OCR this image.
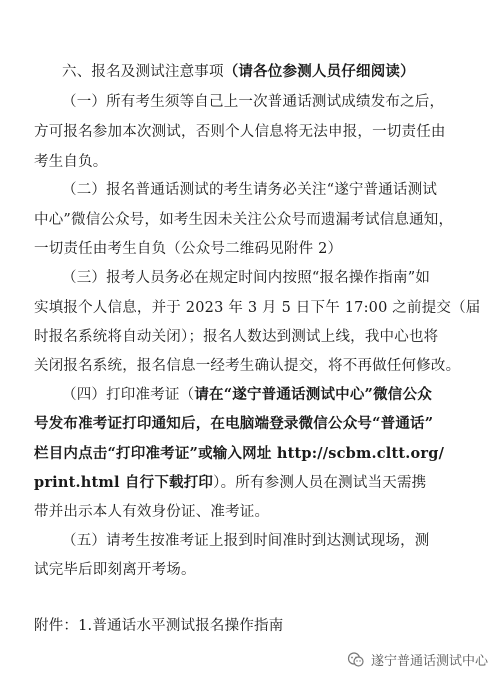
六、报名及测试注意事项（请各位参测人员仔细阅读）
（一）所有考生须等自己上一次普通话测试成绩发布之后，
方可报名参加本次测试，否则个人信息将无法申报，一切责任由
考生自负。
（二）报名普通话测试的考生请务必关注“遂宁普通话测试
中心”微信公众号，如考生因未关注公众号而遗漏考试信息通知，
一切责任由考生自负（公众号二维码见附件 2）
（三）报考人员务必在规定时间内按照“报名操作指南”如
实填报个人信息，并于 2023 年 3 月 5 日下午 17:00 之前提交（届
时报名系统将自动关闭）；报名人数达到测试上线，我中心也将
关闭报名系统，报名信息一经考生确认提交，将不再做任何修改。
（四）打印准考证（请在“遂宁普通话测试中心”微信公众
号发布准考证打印通知后，在电脑端登录微信公众号“普通话”
栏目内点击“打印准考证”或输入网址 http://scbm.cltt.org/
print.html 自行下载打印）。所有参测人员在测试当天需携
带并出示本人有效身份证、准考证。
（五）请考生按准考证上报到时间准时到达测试现场，测
试完毕后即刻离开考场。
附件：1.普通话水平测试报名操作指南
遂宁普通话测试中心
